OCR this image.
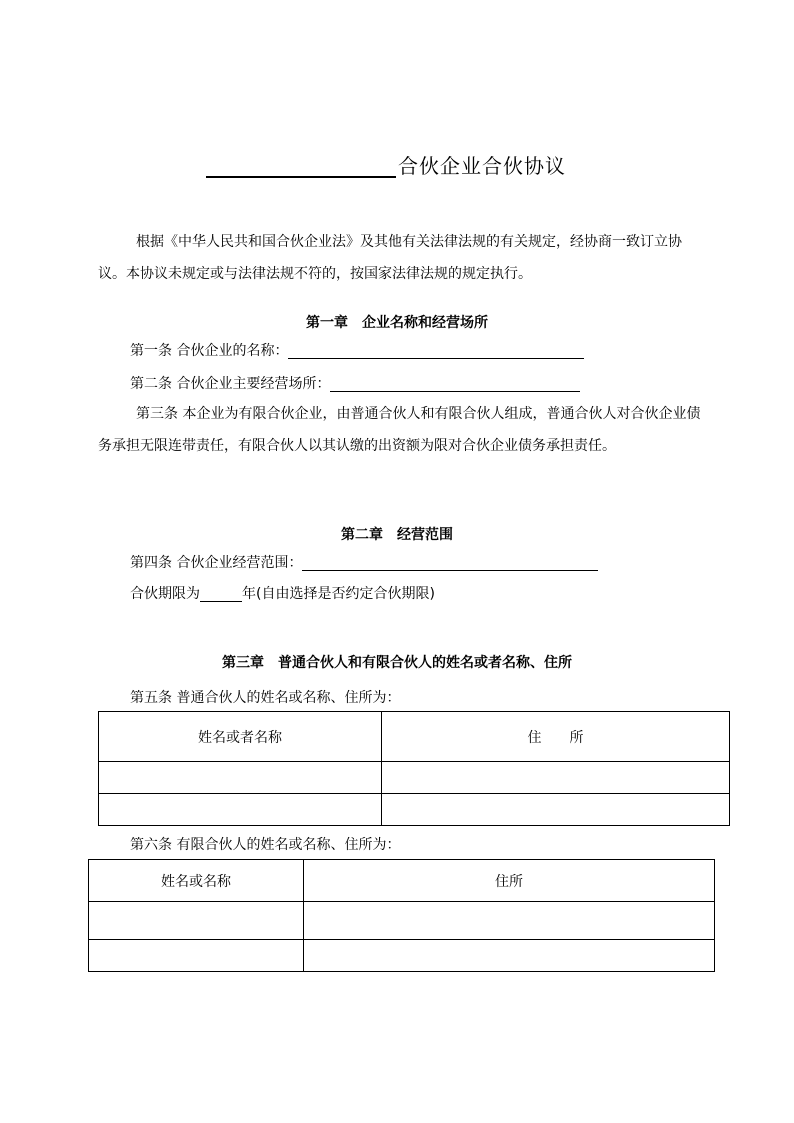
合伙企业合伙协议

根据《中华人民共和国合伙企业法》及其他有关法律法规的有关规定，经协商一致订立协议。本协议未规定或与法律法规不符的，按国家法律法规的规定执行。

第一章　企业名称和经营场所
第一条 合伙企业的名称：
第二条 合伙企业主要经营场所：

第三条 本企业为有限合伙企业，由普通合伙人和有限合伙人组成，普通合伙人对合伙企业债务承担无限连带责任，有限合伙人以其认缴的出资额为限对合伙企业债务承担责任。

第二章　经营范围
第四条 合伙企业经营范围：
合伙期限为	年(自由选择是否约定合伙期限)
第三章　普通合伙人和有限合伙人的姓名或者名称、住所
第五条 普通合伙人的姓名或名称、住所为：
姓名或者名称	住　　所

第六条 有限合伙人的姓名或名称、住所为：
姓名或名称	住所
